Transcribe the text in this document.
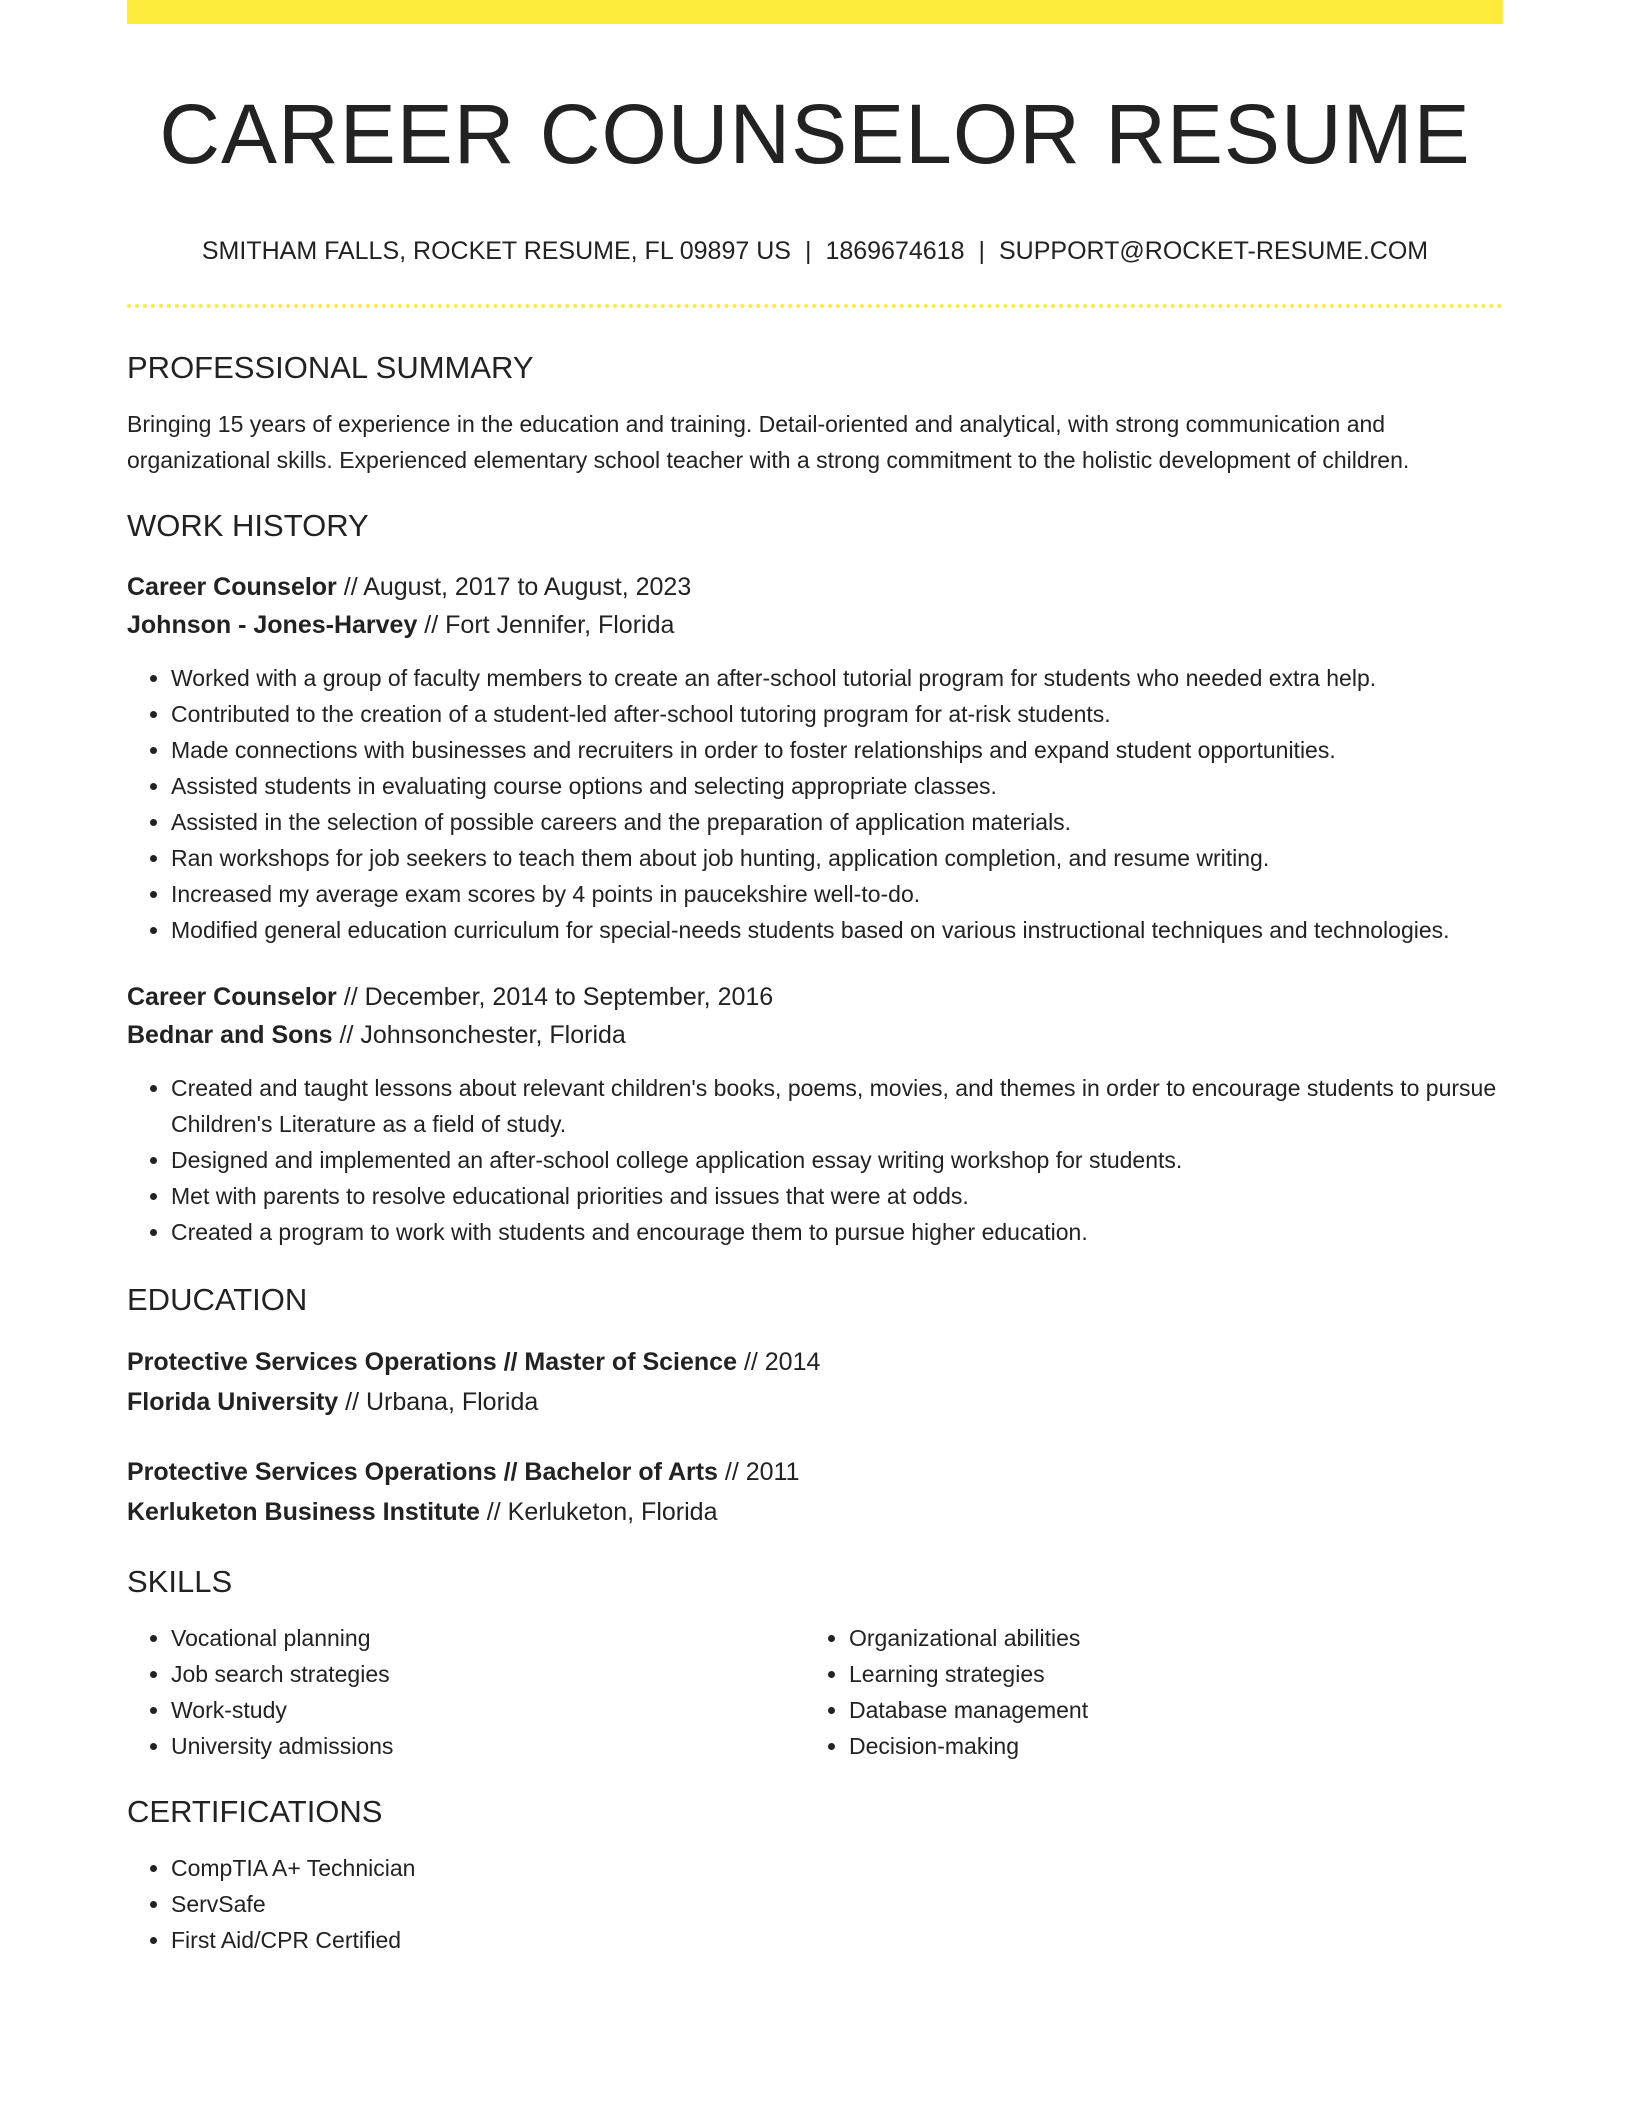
CAREER COUNSELOR RESUME
SMITHAM FALLS, ROCKET RESUME, FL 09897 US | 1869674618 | SUPPORT@ROCKET-RESUME.COM
PROFESSIONAL SUMMARY

Bringing 15 years of experience in the education and training. Detail-oriented and analytical, with strong communication and organizational skills. Experienced elementary school teacher with a strong commitment to the holistic development of children.

WORK HISTORY
Career Counselor // August, 2017 to August, 2023
Johnson - Jones-Harvey // Fort Jennifer, Florida
• Worked with a group of faculty members to create an after-school tutorial program for students who needed extra help.
• Contributed to the creation of a student-led after-school tutoring program for at-risk students.
• Made connections with businesses and recruiters in order to foster relationships and expand student opportunities.
• Assisted students in evaluating course options and selecting appropriate classes.
• Assisted in the selection of possible careers and the preparation of application materials.
• Ran workshops for job seekers to teach them about job hunting, application completion, and resume writing.
• Increased my average exam scores by 4 points in paucekshire well-to-do.
• Modified general education curriculum for special-needs students based on various instructional techniques and technologies.
Career Counselor // December, 2014 to September, 2016
Bednar and Sons // Johnsonchester, Florida
• Created and taught lessons about relevant children's books, poems, movies, and themes in order to encourage students to pursue Children's Literature as a field of study.
• Designed and implemented an after-school college application essay writing workshop for students.
• Met with parents to resolve educational priorities and issues that were at odds.
• Created a program to work with students and encourage them to pursue higher education.
EDUCATION
Protective Services Operations // Master of Science // 2014
Florida University // Urbana, Florida
Protective Services Operations // Bachelor of Arts // 2011
Kerluketon Business Institute // Kerluketon, Florida
SKILLS
• Vocational planning
• Job search strategies
• Work-study
• University admissions
• Organizational abilities
• Learning strategies
• Database management
• Decision-making
CERTIFICATIONS
• CompTIA A+ Technician
• ServSafe
• First Aid/CPR Certified
